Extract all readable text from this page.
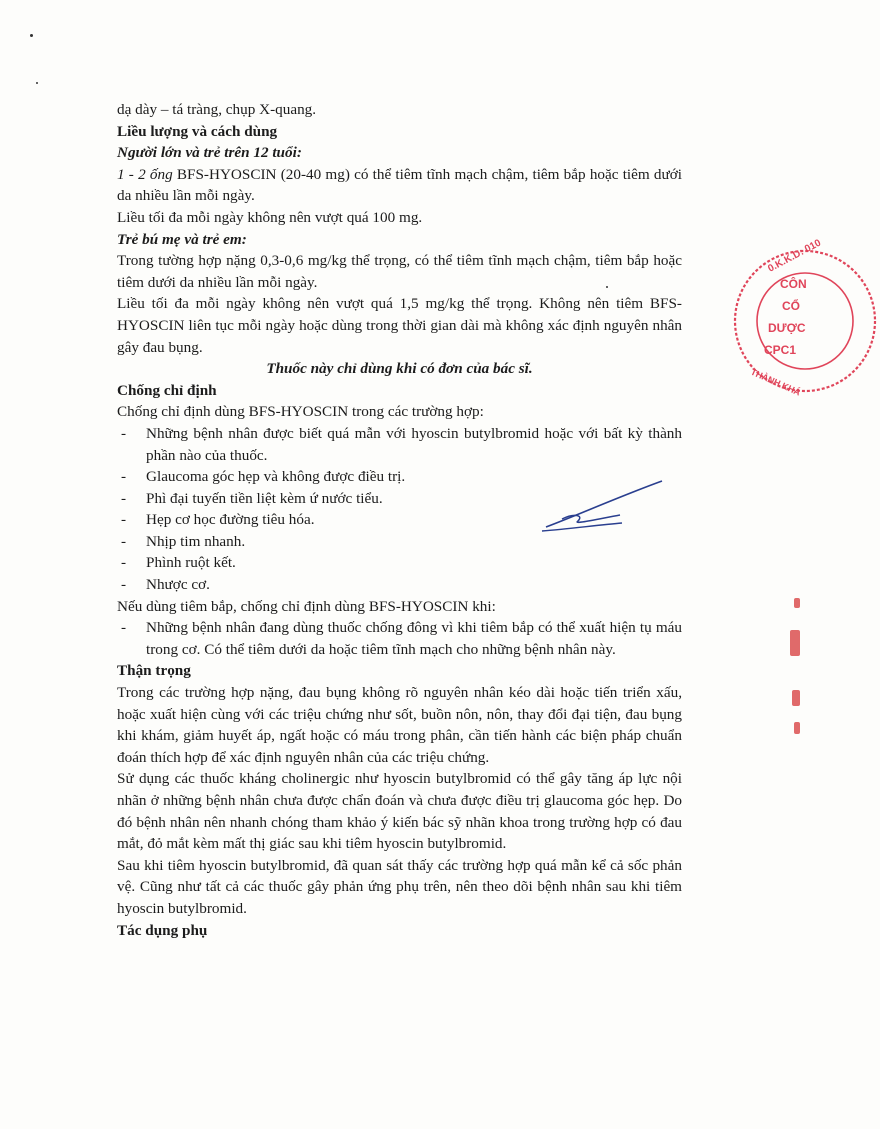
dạ dày – tá tràng, chụp X-quang.

Liều lượng và cách dùng
Người lớn và trẻ trên 12 tuổi:

1 - 2 ống BFS-HYOSCIN (20-40 mg) có thể tiêm tĩnh mạch chậm, tiêm bắp hoặc tiêm dưới da nhiều lần mỗi ngày.

Liều tối đa mỗi ngày không nên vượt quá 100 mg.

Trẻ bú mẹ và trẻ em:

Trong tường hợp nặng 0,3-0,6 mg/kg thể trọng, có thể tiêm tĩnh mạch chậm, tiêm bắp hoặc tiêm dưới da nhiều lần mỗi ngày.

Liều tối đa mỗi ngày không nên vượt quá 1,5 mg/kg thể trọng. Không nên tiêm BFS-HYOSCIN liên tục mỗi ngày hoặc dùng trong thời gian dài mà không xác định nguyên nhân gây đau bụng.

Thuốc này chỉ dùng khi có đơn của bác sĩ.
Chống chỉ định

Chống chỉ định dùng BFS-HYOSCIN trong các trường hợp:

- Những bệnh nhân được biết quá mẫn với hyoscin butylbromid hoặc với bất kỳ thành phần nào của thuốc.
- Glaucoma góc hẹp và không được điều trị.
- Phì đại tuyến tiền liệt kèm ứ nước tiểu.
- Hẹp cơ học đường tiêu hóa.
- Nhịp tim nhanh.
- Phình ruột kết.
- Nhược cơ.

Nếu dùng tiêm bắp, chống chỉ định dùng BFS-HYOSCIN khi:

- Những bệnh nhân đang dùng thuốc chống đông vì khi tiêm bắp có thể xuất hiện tụ máu trong cơ. Có thể tiêm dưới da hoặc tiêm tĩnh mạch cho những bệnh nhân này.
Thận trọng

Trong các trường hợp nặng, đau bụng không rõ nguyên nhân kéo dài hoặc tiến triển xấu, hoặc xuất hiện cùng với các triệu chứng như sốt, buồn nôn, nôn, thay đổi đại tiện, đau bụng khi khám, giảm huyết áp, ngất hoặc có máu trong phân, cần tiến hành các biện pháp chuẩn đoán thích hợp để xác định nguyên nhân của các triệu chứng.

Sử dụng các thuốc kháng cholinergic như hyoscin butylbromid có thể gây tăng áp lực nội nhãn ở những bệnh nhân chưa được chẩn đoán và chưa được điều trị glaucoma góc hẹp. Do đó bệnh nhân nên nhanh chóng tham khảo ý kiến bác sỹ nhãn khoa trong trường hợp có đau mắt, đỏ mắt kèm mất thị giác sau khi tiêm hyoscin butylbromid.

Sau khi tiêm hyoscin butylbromid, đã quan sát thấy các trường hợp quá mẫn kể cả sốc phản vệ. Cũng như tất cả các thuốc gây phản ứng phụ trên, nên theo dõi bệnh nhân sau khi tiêm hyoscin butylbromid.

Tác dụng phụ
0.K.K.D: 010
CÔN
CỔ
DƯỢC
CPC1
THÀNH KHÁ
